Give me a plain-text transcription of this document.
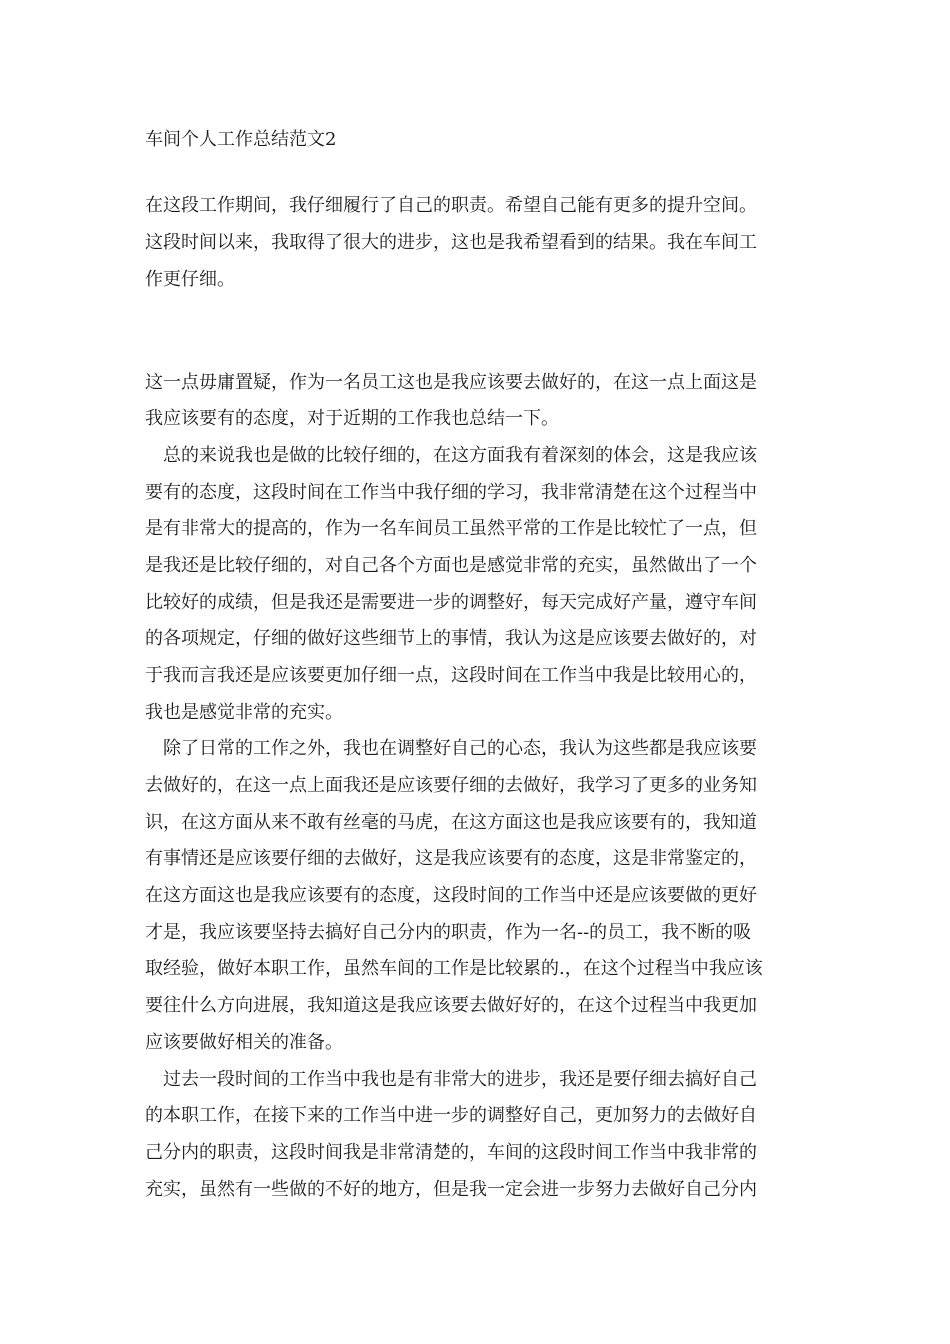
车间个人工作总结范文2
在这段工作期间，我仔细履行了自己的职责。希望自己能有更多的提升空间。
这段时间以来，我取得了很大的进步，这也是我希望看到的结果。我在车间工
作更仔细。
这一点毋庸置疑，作为一名员工这也是我应该要去做好的，在这一点上面这是
我应该要有的态度，对于近期的工作我也总结一下。
总的来说我也是做的比较仔细的，在这方面我有着深刻的体会，这是我应该
要有的态度，这段时间在工作当中我仔细的学习，我非常清楚在这个过程当中
是有非常大的提高的，作为一名车间员工虽然平常的工作是比较忙了一点，但
是我还是比较仔细的，对自己各个方面也是感觉非常的充实，虽然做出了一个
比较好的成绩，但是我还是需要进一步的调整好，每天完成好产量，遵守车间
的各项规定，仔细的做好这些细节上的事情，我认为这是应该要去做好的，对
于我而言我还是应该要更加仔细一点，这段时间在工作当中我是比较用心的，
我也是感觉非常的充实。
除了日常的工作之外，我也在调整好自己的心态，我认为这些都是我应该要
去做好的，在这一点上面我还是应该要仔细的去做好，我学习了更多的业务知
识，在这方面从来不敢有丝毫的马虎，在这方面这也是我应该要有的，我知道
有事情还是应该要仔细的去做好，这是我应该要有的态度，这是非常鉴定的，
在这方面这也是我应该要有的态度，这段时间的工作当中还是应该要做的更好
才是，我应该要坚持去搞好自己分内的职责，作为一名--的员工，我不断的吸
取经验，做好本职工作，虽然车间的工作是比较累的.，在这个过程当中我应该
要往什么方向进展，我知道这是我应该要去做好好的，在这个过程当中我更加
应该要做好相关的准备。
过去一段时间的工作当中我也是有非常大的进步，我还是要仔细去搞好自己
的本职工作，在接下来的工作当中进一步的调整好自己，更加努力的去做好自
己分内的职责，这段时间我是非常清楚的，车间的这段时间工作当中我非常的
充实，虽然有一些做的不好的地方，但是我一定会进一步努力去做好自己分内
